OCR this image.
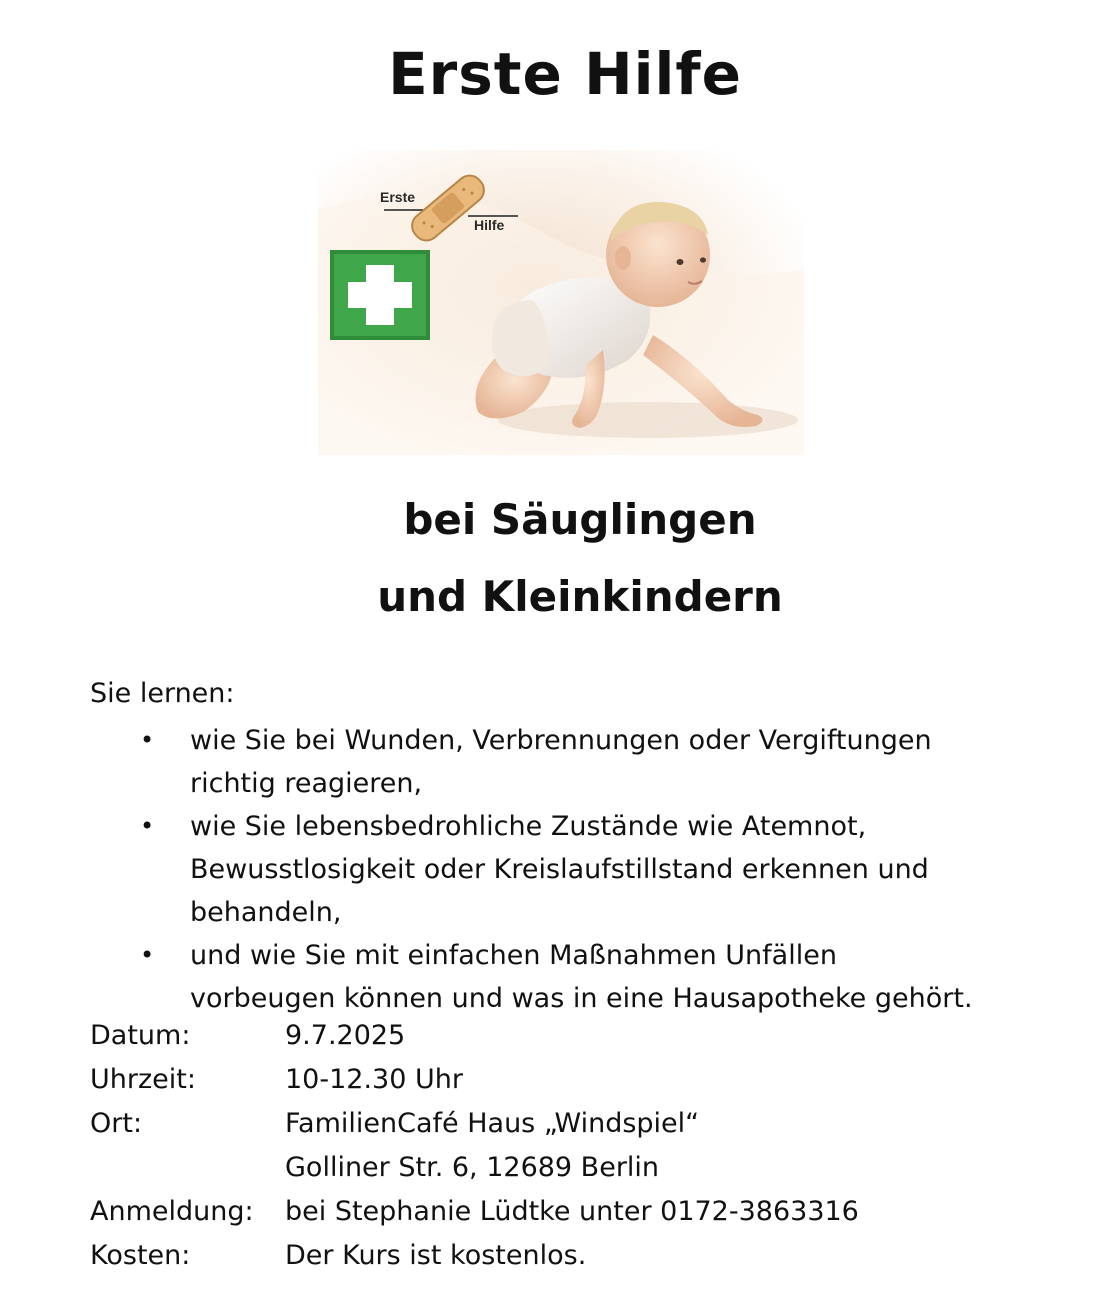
Erste Hilfe
Erste
Hilfe

bei Säuglingen

und Kleinkindern

Sie lernen:
• wie Sie bei Wunden, Verbrennungen oder Vergiftungen
richtig reagieren,
• wie Sie lebensbedrohliche Zustände wie Atemnot,
Bewusstlosigkeit oder Kreislaufstillstand erkennen und
behandeln,
• und wie Sie mit einfachen Maßnahmen Unfällen
vorbeugen können und was in eine Hausapotheke gehört.
Datum:	9.7.2025
Uhrzeit:	10-12.30 Uhr
Ort:	FamilienCafé Haus „Windspiel“
Golliner Str. 6, 12689 Berlin
Anmeldung:	bei Stephanie Lüdtke unter 0172-3863316
Kosten:	Der Kurs ist kostenlos.
